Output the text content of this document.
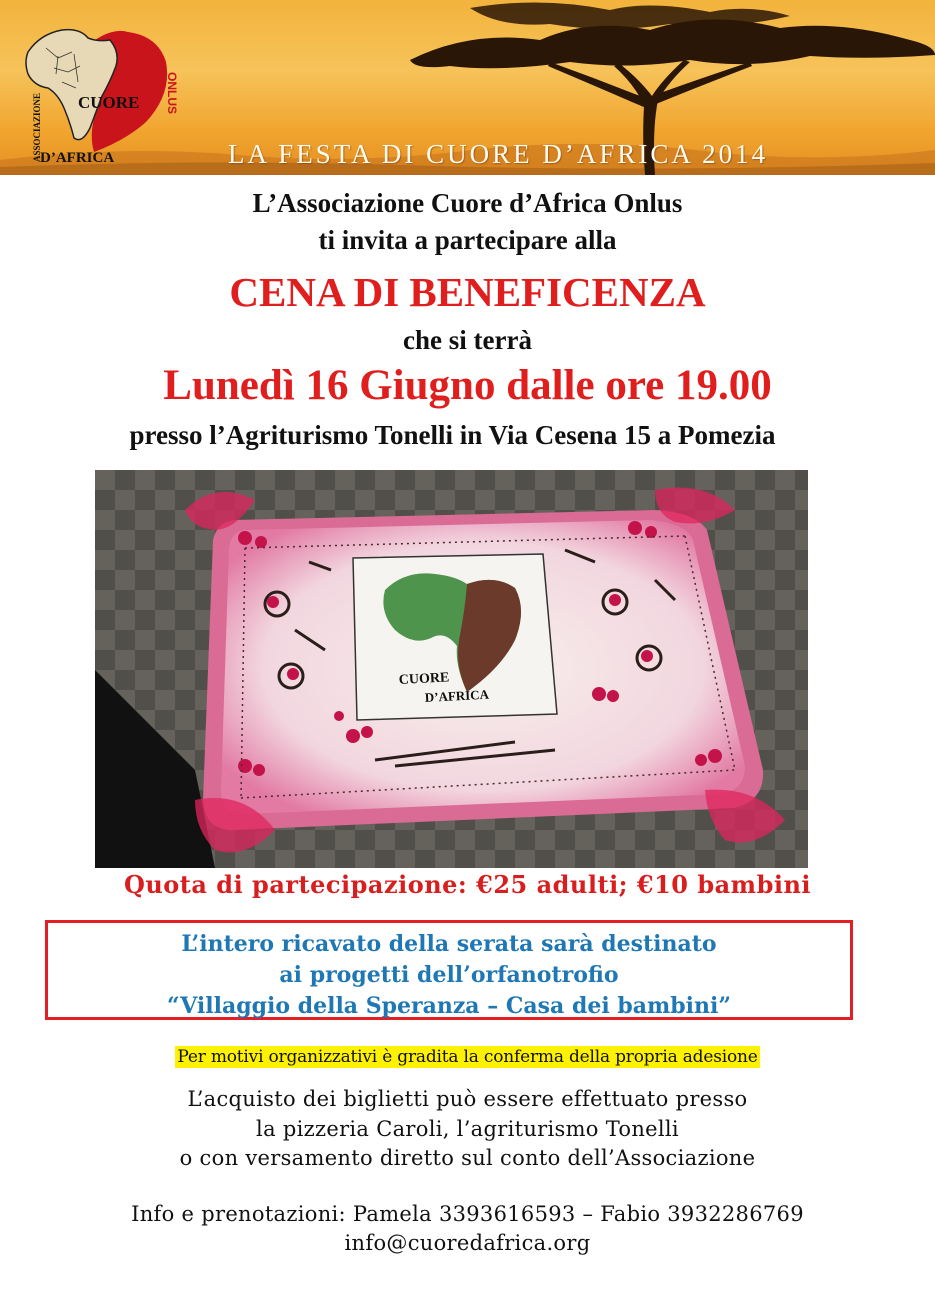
CUORE
D’AFRICA
ASSOCIAZIONE	ONLUS
LA FESTA DI CUORE D’AFRICA 2014
L’Associazione Cuore d’Africa Onlus
ti invita a partecipare alla
CENA DI BENEFICENZA
che si terrà
Lunedì 16 Giugno dalle ore 19.00
presso l’Agriturismo Tonelli in Via Cesena 15 a Pomezia
CUORE
D’AFRICA
Quota di partecipazione: €25 adulti; €10 bambini
L’intero ricavato della serata sarà destinato
ai progetti dell’orfanotrofio
“Villaggio della Speranza – Casa dei bambini”
Per motivi organizzativi è gradita la conferma della propria adesione
L’acquisto dei biglietti può essere effettuato presso
la pizzeria Caroli, l’agriturismo Tonelli
o con versamento diretto sul conto dell’Associazione
Info e prenotazioni: Pamela 3393616593 – Fabio 3932286769
info@cuoredafrica.org
